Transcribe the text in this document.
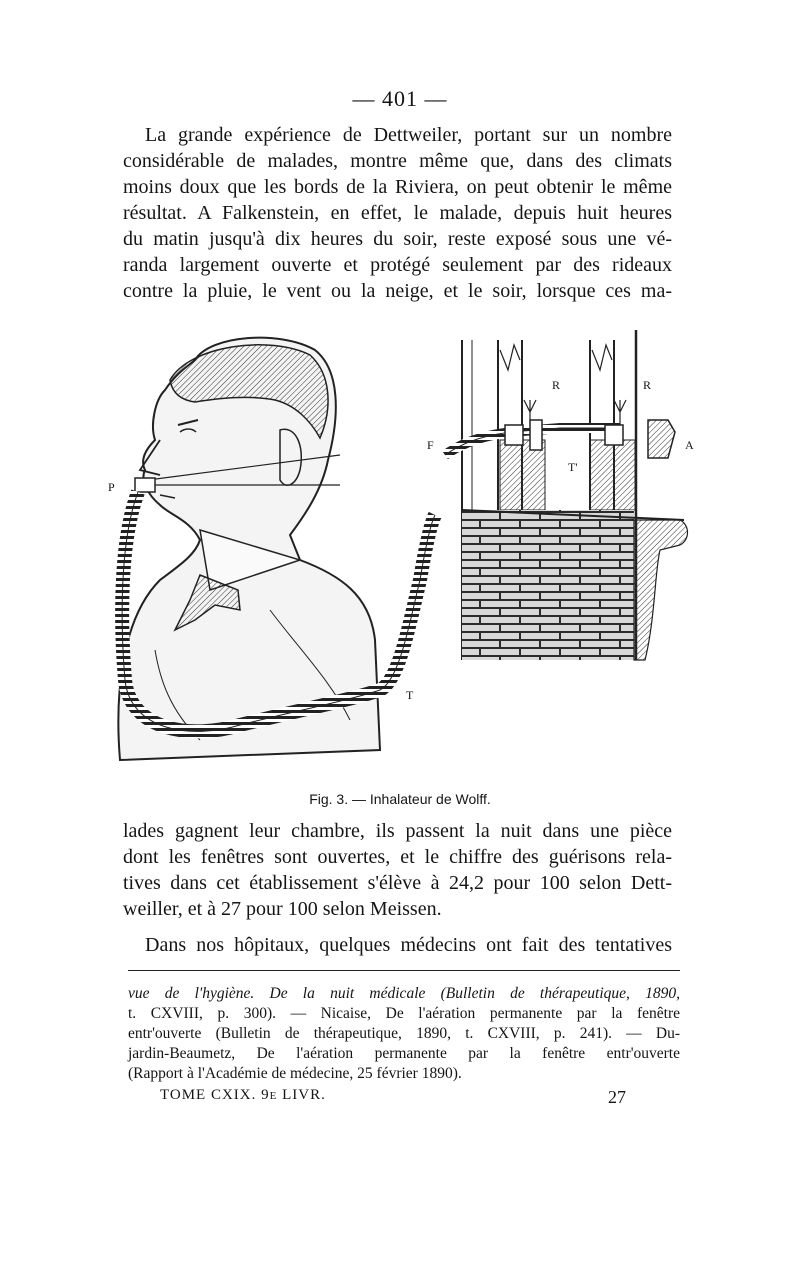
— 401 —
La grande expérience de Dettweiler, portant sur un nombre
considérable de malades, montre même que, dans des climats
moins doux que les bords de la Riviera, on peut obtenir le même
résultat. A Falkenstein, en effet, le malade, depuis huit heures
du matin jusqu'à dix heures du soir, reste exposé sous une vé-
randa largement ouverte et protégé seulement par des rideaux
contre la pluie, le vent ou la neige, et le soir, lorsque ces ma-
P
F
R	R
T'
A
T
Fig. 3. — Inhalateur de Wolff.
lades gagnent leur chambre, ils passent la nuit dans une pièce
dont les fenêtres sont ouvertes, et le chiffre des guérisons rela-
tives dans cet établissement s'élève à 24,2 pour 100 selon Dett-
weiller, et à 27 pour 100 selon Meissen.
Dans nos hôpitaux, quelques médecins ont fait des tentatives
vue de l'hygiène. De la nuit médicale (Bulletin de thérapeutique, 1890,
t. CXVIII, p. 300). — Nicaise, De l'aération permanente par la fenêtre
entr'ouverte (Bulletin de thérapeutique, 1890, t. CXVIII, p. 241). — Du-
jardin-Beaumetz, De l'aération permanente par la fenêtre entr'ouverte
(Rapport à l'Académie de médecine, 25 février 1890).
TOME CXIX. 9e LIVR.	27
